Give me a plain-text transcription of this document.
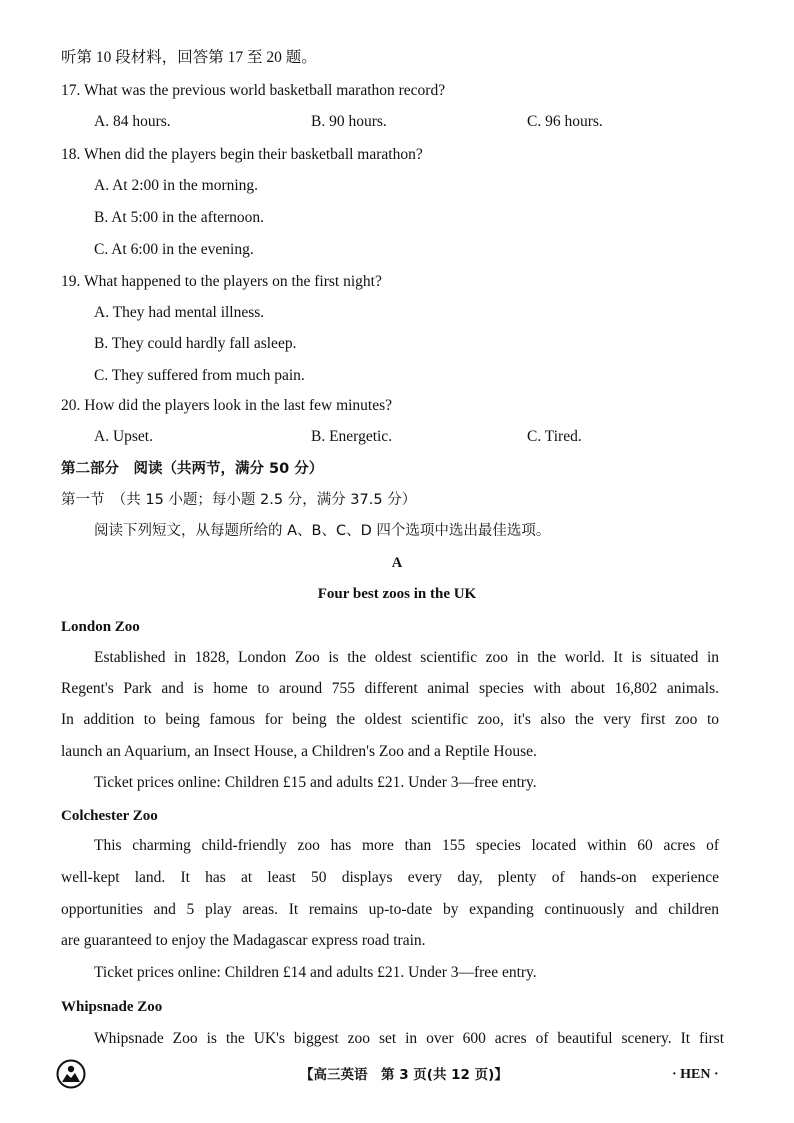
听第 10 段材料，回答第 17 至 20 题。
17. What was the previous world basketball marathon record?
A. 84 hours.	B. 90 hours.	C. 96 hours.
18. When did the players begin their basketball marathon?
A. At 2:00 in the morning.
B. At 5:00 in the afternoon.
C. At 6:00 in the evening.
19. What happened to the players on the first night?
A. They had mental illness.
B. They could hardly fall asleep.
C. They suffered from much pain.
20. How did the players look in the last few minutes?
A. Upset.	B. Energetic.	C. Tired.
第二部分　阅读（共两节，满分 50 分）
第一节　（共 15 小题；每小题 2.5 分，满分 37.5 分）
阅读下列短文，从每题所给的 A、B、C、D 四个选项中选出最佳选项。
A
Four best zoos in the UK
London Zoo
Established in 1828, London Zoo is the oldest scientific zoo in the world. It is situated in
Regent's Park and is home to around 755 different animal species with about 16,802 animals.
In addition to being famous for being the oldest scientific zoo, it's also the very first zoo to
launch an Aquarium, an Insect House, a Children's Zoo and a Reptile House.
Ticket prices online: Children £15 and adults £21. Under 3—free entry.
Colchester Zoo
This charming child-friendly zoo has more than 155 species located within 60 acres of
well-kept land. It has at least 50 displays every day, plenty of hands-on experience
opportunities and 5 play areas. It remains up-to-date by expanding continuously and children
are guaranteed to enjoy the Madagascar express road train.
Ticket prices online: Children £14 and adults £21. Under 3—free entry.
Whipsnade Zoo
Whipsnade Zoo is the UK's biggest zoo set in over 600 acres of beautiful scenery. It first
【高三英语　第 3 页(共 12 页)】	· HEN ·
